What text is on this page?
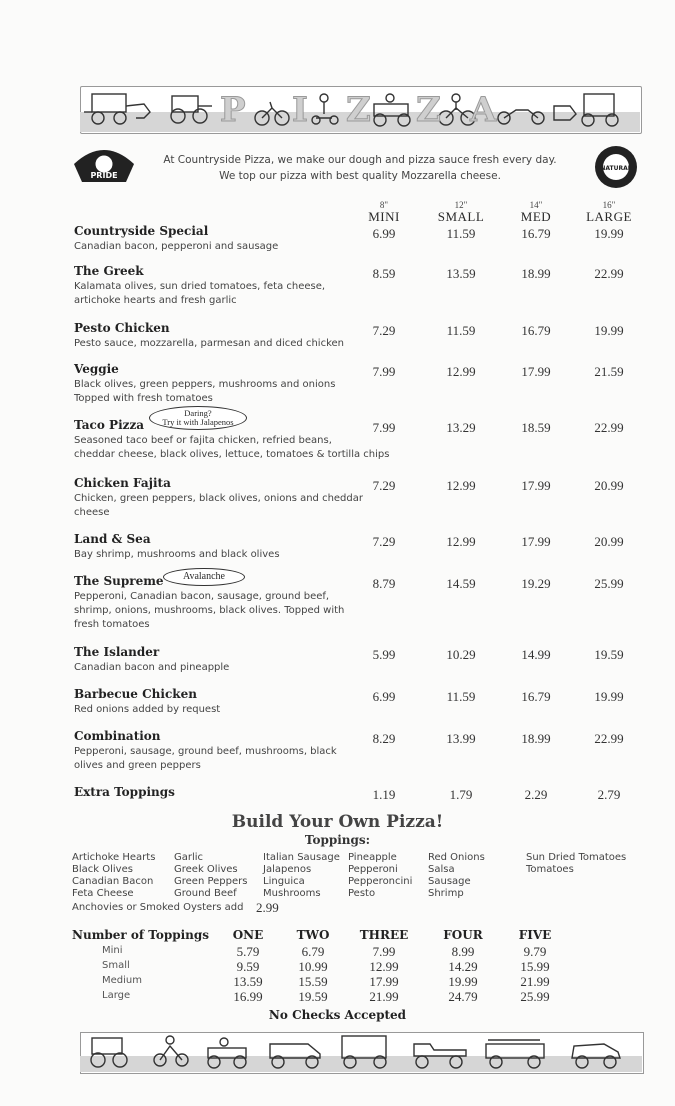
P I Z Z A
PRIDE
NATURAL
At Countryside Pizza, we make our dough and pizza sauce fresh every day.
We top our pizza with best quality Mozzarella cheese.
8"
MINI
12"
SMALL
14"
MED
16"
LARGE
Countryside Special
Canadian bacon, pepperoni and sausage
6.99	11.59	16.79	19.99
The Greek
Kalamata olives, sun dried tomatoes, feta cheese,
artichoke hearts and fresh garlic
8.59	13.59	18.99	22.99
Pesto Chicken
Pesto sauce, mozzarella, parmesan and diced chicken
7.29	11.59	16.79	19.99
Veggie
Black olives, green peppers, mushrooms and onions
Topped with fresh tomatoes
7.99	12.99	17.99	21.59
Taco Pizza
Seasoned taco beef or fajita chicken, refried beans,
cheddar cheese, black olives, lettuce, tomatoes & tortilla chips
7.99	13.29	18.59	22.99
Chicken Fajita
Chicken, green peppers, black olives, onions and cheddar
cheese
7.29	12.99	17.99	20.99
Land & Sea
Bay shrimp, mushrooms and black olives
7.29	12.99	17.99	20.99
The Supreme
Pepperoni, Canadian bacon, sausage, ground beef,
shrimp, onions, mushrooms, black olives. Topped with
fresh tomatoes
8.79	14.59	19.29	25.99
The Islander
Canadian bacon and pineapple
5.99	10.29	14.99	19.59
Barbecue Chicken
Red onions added by request
6.99	11.59	16.79	19.99
Combination
Pepperoni, sausage, ground beef, mushrooms, black
olives and green peppers
8.29	13.99	18.99	22.99
Extra Toppings	1.19	1.79	2.29	2.79
Daring?
Try it with Jalapenos
Avalanche
Build Your Own Pizza!
Toppings:
Artichoke Hearts
Black Olives
Canadian Bacon
Feta Cheese
Garlic
Greek Olives
Green Peppers
Ground Beef
Italian Sausage
Jalapenos
Linguica
Mushrooms
Pineapple
Pepperoni
Pepperoncini
Pesto
Red Onions
Salsa
Sausage
Shrimp
Sun Dried Tomatoes
Tomatoes
Anchovies or Smoked Oysters add 2.99
Number of Toppings	ONE	TWO	THREE	FOUR	FIVE
Mini	5.79	6.79	7.99	8.99	9.79
Small	9.59	10.99	12.99	14.29	15.99
Medium	13.59	15.59	17.99	19.99	21.99
Large	16.99	19.59	21.99	24.79	25.99
No Checks Accepted
